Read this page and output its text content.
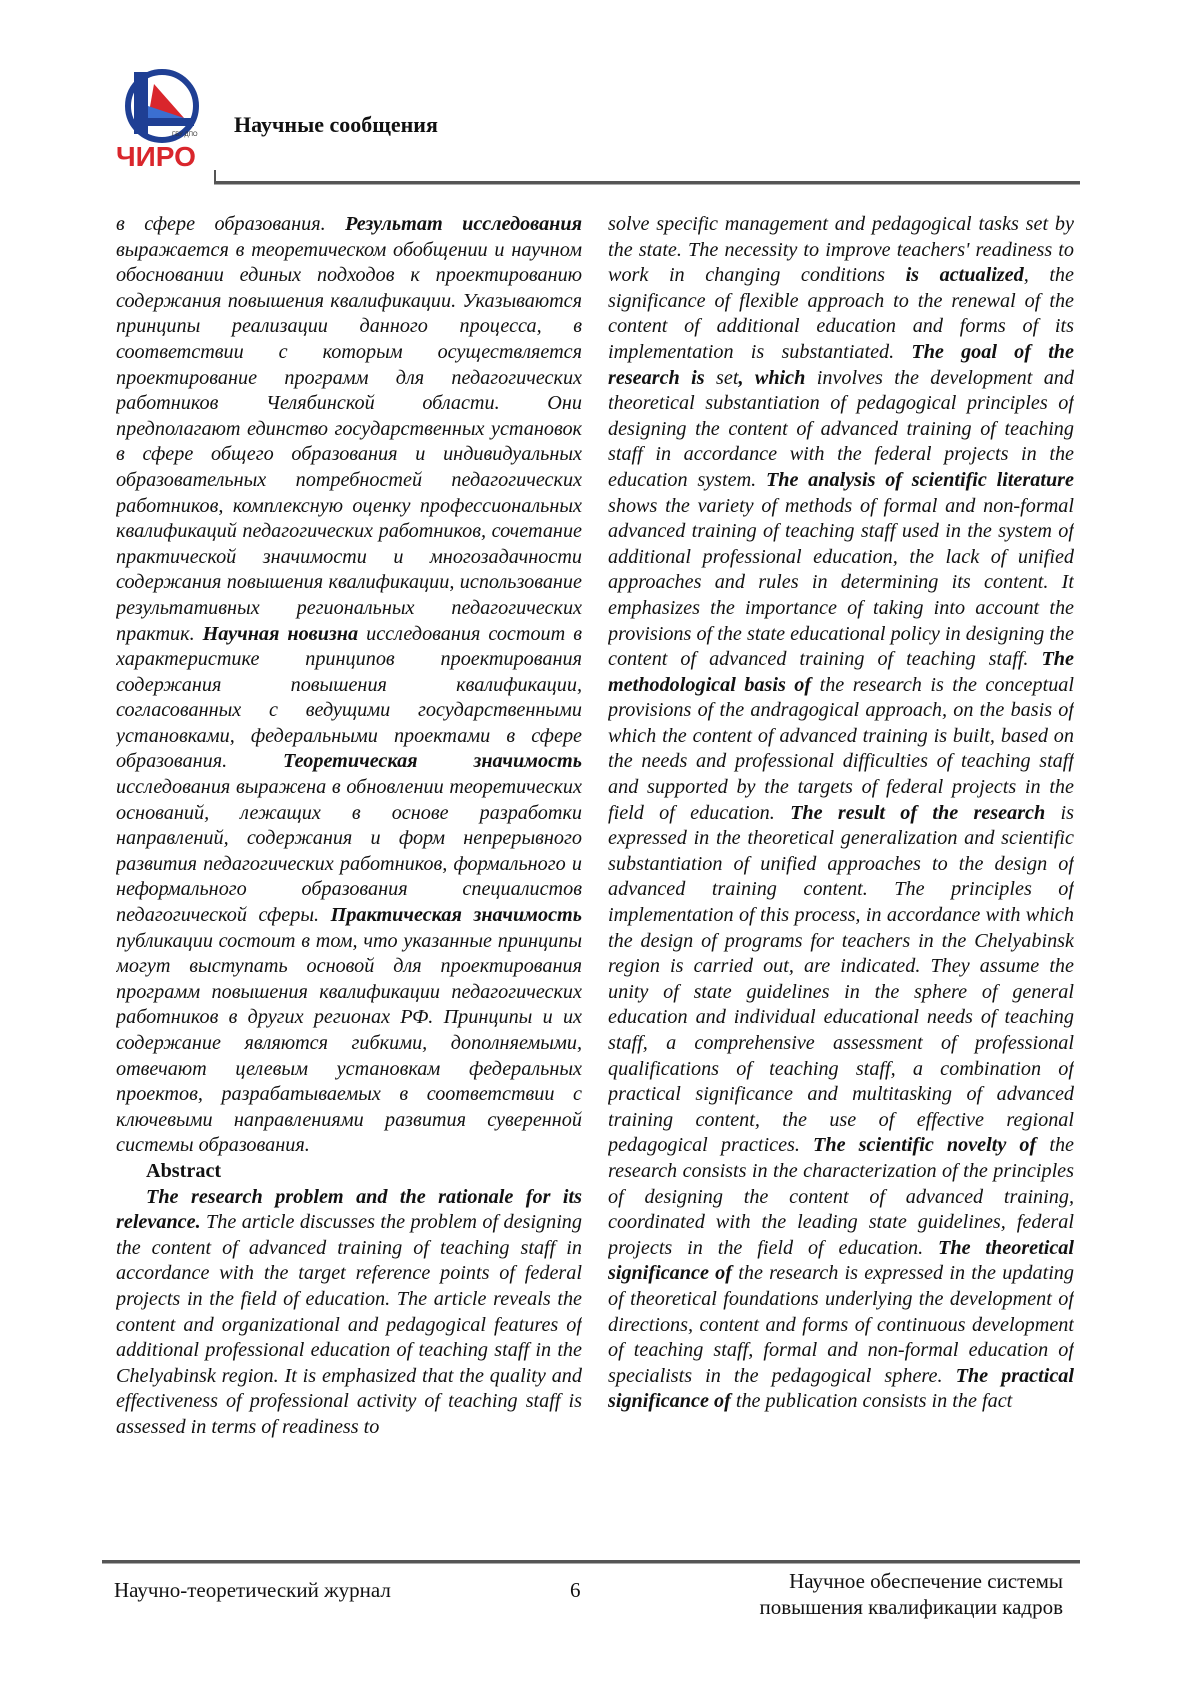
ГБУ ДПО
ЧИРО
Научные сообщения

в сфере образования. Результат исследования выражается в теоретическом обобщении и научном обосновании единых подходов к проектированию содержания повышения квалификации. Указываются принципы реализации данного процесса, в соответствии с которым осуществляется проектирование программ для педагогических работников Челябинской области. Они предполагают единство государственных установок в сфере общего образования и индивидуальных образовательных потребностей педагогических работников, комплексную оценку профессиональных квалификаций педагогических работников, сочетание практической значимости и многозадачности содержания повышения квалификации, использование результативных региональных педагогических практик. Научная новизна исследования состоит в характеристике принципов проектирования содержания повышения квалификации, согласованных с ведущими государственными установками, федеральными проектами в сфере образования. Теоретическая значимость исследования выражена в обновлении теоретических оснований, лежащих в основе разработки направлений, содержания и форм непрерывного развития педагогических работников, формального и неформального образования специалистов педагогической сферы. Практическая значимость публикации состоит в том, что указанные принципы могут выступать основой для проектирования программ повышения квалификации педагогических работников в других регионах РФ. Принципы и их содержание являются гибкими, дополняемыми, отвечают целевым установкам федеральных проектов, разрабатываемых в соответствии с ключевыми направлениями развития суверенной системы образования.

Abstract

The research problem and the rationale for its relevance. The article discusses the problem of designing the content of advanced training of teaching staff in accordance with the target reference points of federal projects in the field of education. The article reveals the content and organizational and pedagogical features of additional professional education of teaching staff in the Chelyabinsk region. It is emphasized that the quality and effectiveness of professional activity of teaching staff is assessed in terms of readiness to

solve specific management and pedagogical tasks set by the state. The necessity to improve teachers' readiness to work in changing conditions is actualized, the significance of flexible approach to the renewal of the content of additional education and forms of its implementation is substantiated. The goal of the research is set, which involves the development and theoretical substantiation of pedagogical principles of designing the content of advanced training of teaching staff in accordance with the federal projects in the education system. The analysis of scientific literature shows the variety of methods of formal and non-formal advanced training of teaching staff used in the system of additional professional education, the lack of unified approaches and rules in determining its content. It emphasizes the importance of taking into account the provisions of the state educational policy in designing the content of advanced training of teaching staff. The methodological basis of the research is the conceptual provisions of the andragogical approach, on the basis of which the content of advanced training is built, based on the needs and professional difficulties of teaching staff and supported by the targets of federal projects in the field of education. The result of the research is expressed in the theoretical generalization and scientific substantiation of unified approaches to the design of advanced training content. The principles of implementation of this process, in accordance with which the design of programs for teachers in the Chelyabinsk region is carried out, are indicated. They assume the unity of state guidelines in the sphere of general education and individual educational needs of teaching staff, a comprehensive assessment of professional qualifications of teaching staff, a combination of practical significance and multitasking of advanced training content, the use of effective regional pedagogical practices. The scientific novelty of the research consists in the characterization of the principles of designing the content of advanced training, coordinated with the leading state guidelines, federal projects in the field of education. The theoretical significance of the research is expressed in the updating of theoretical foundations underlying the development of directions, content and forms of continuous development of teaching staff, formal and non-formal education of specialists in the pedagogical sphere. The practical significance of the publication consists in the fact

Научно-теоретический журнал	6	Научное обеспечение системы
повышения квалификации кадров
